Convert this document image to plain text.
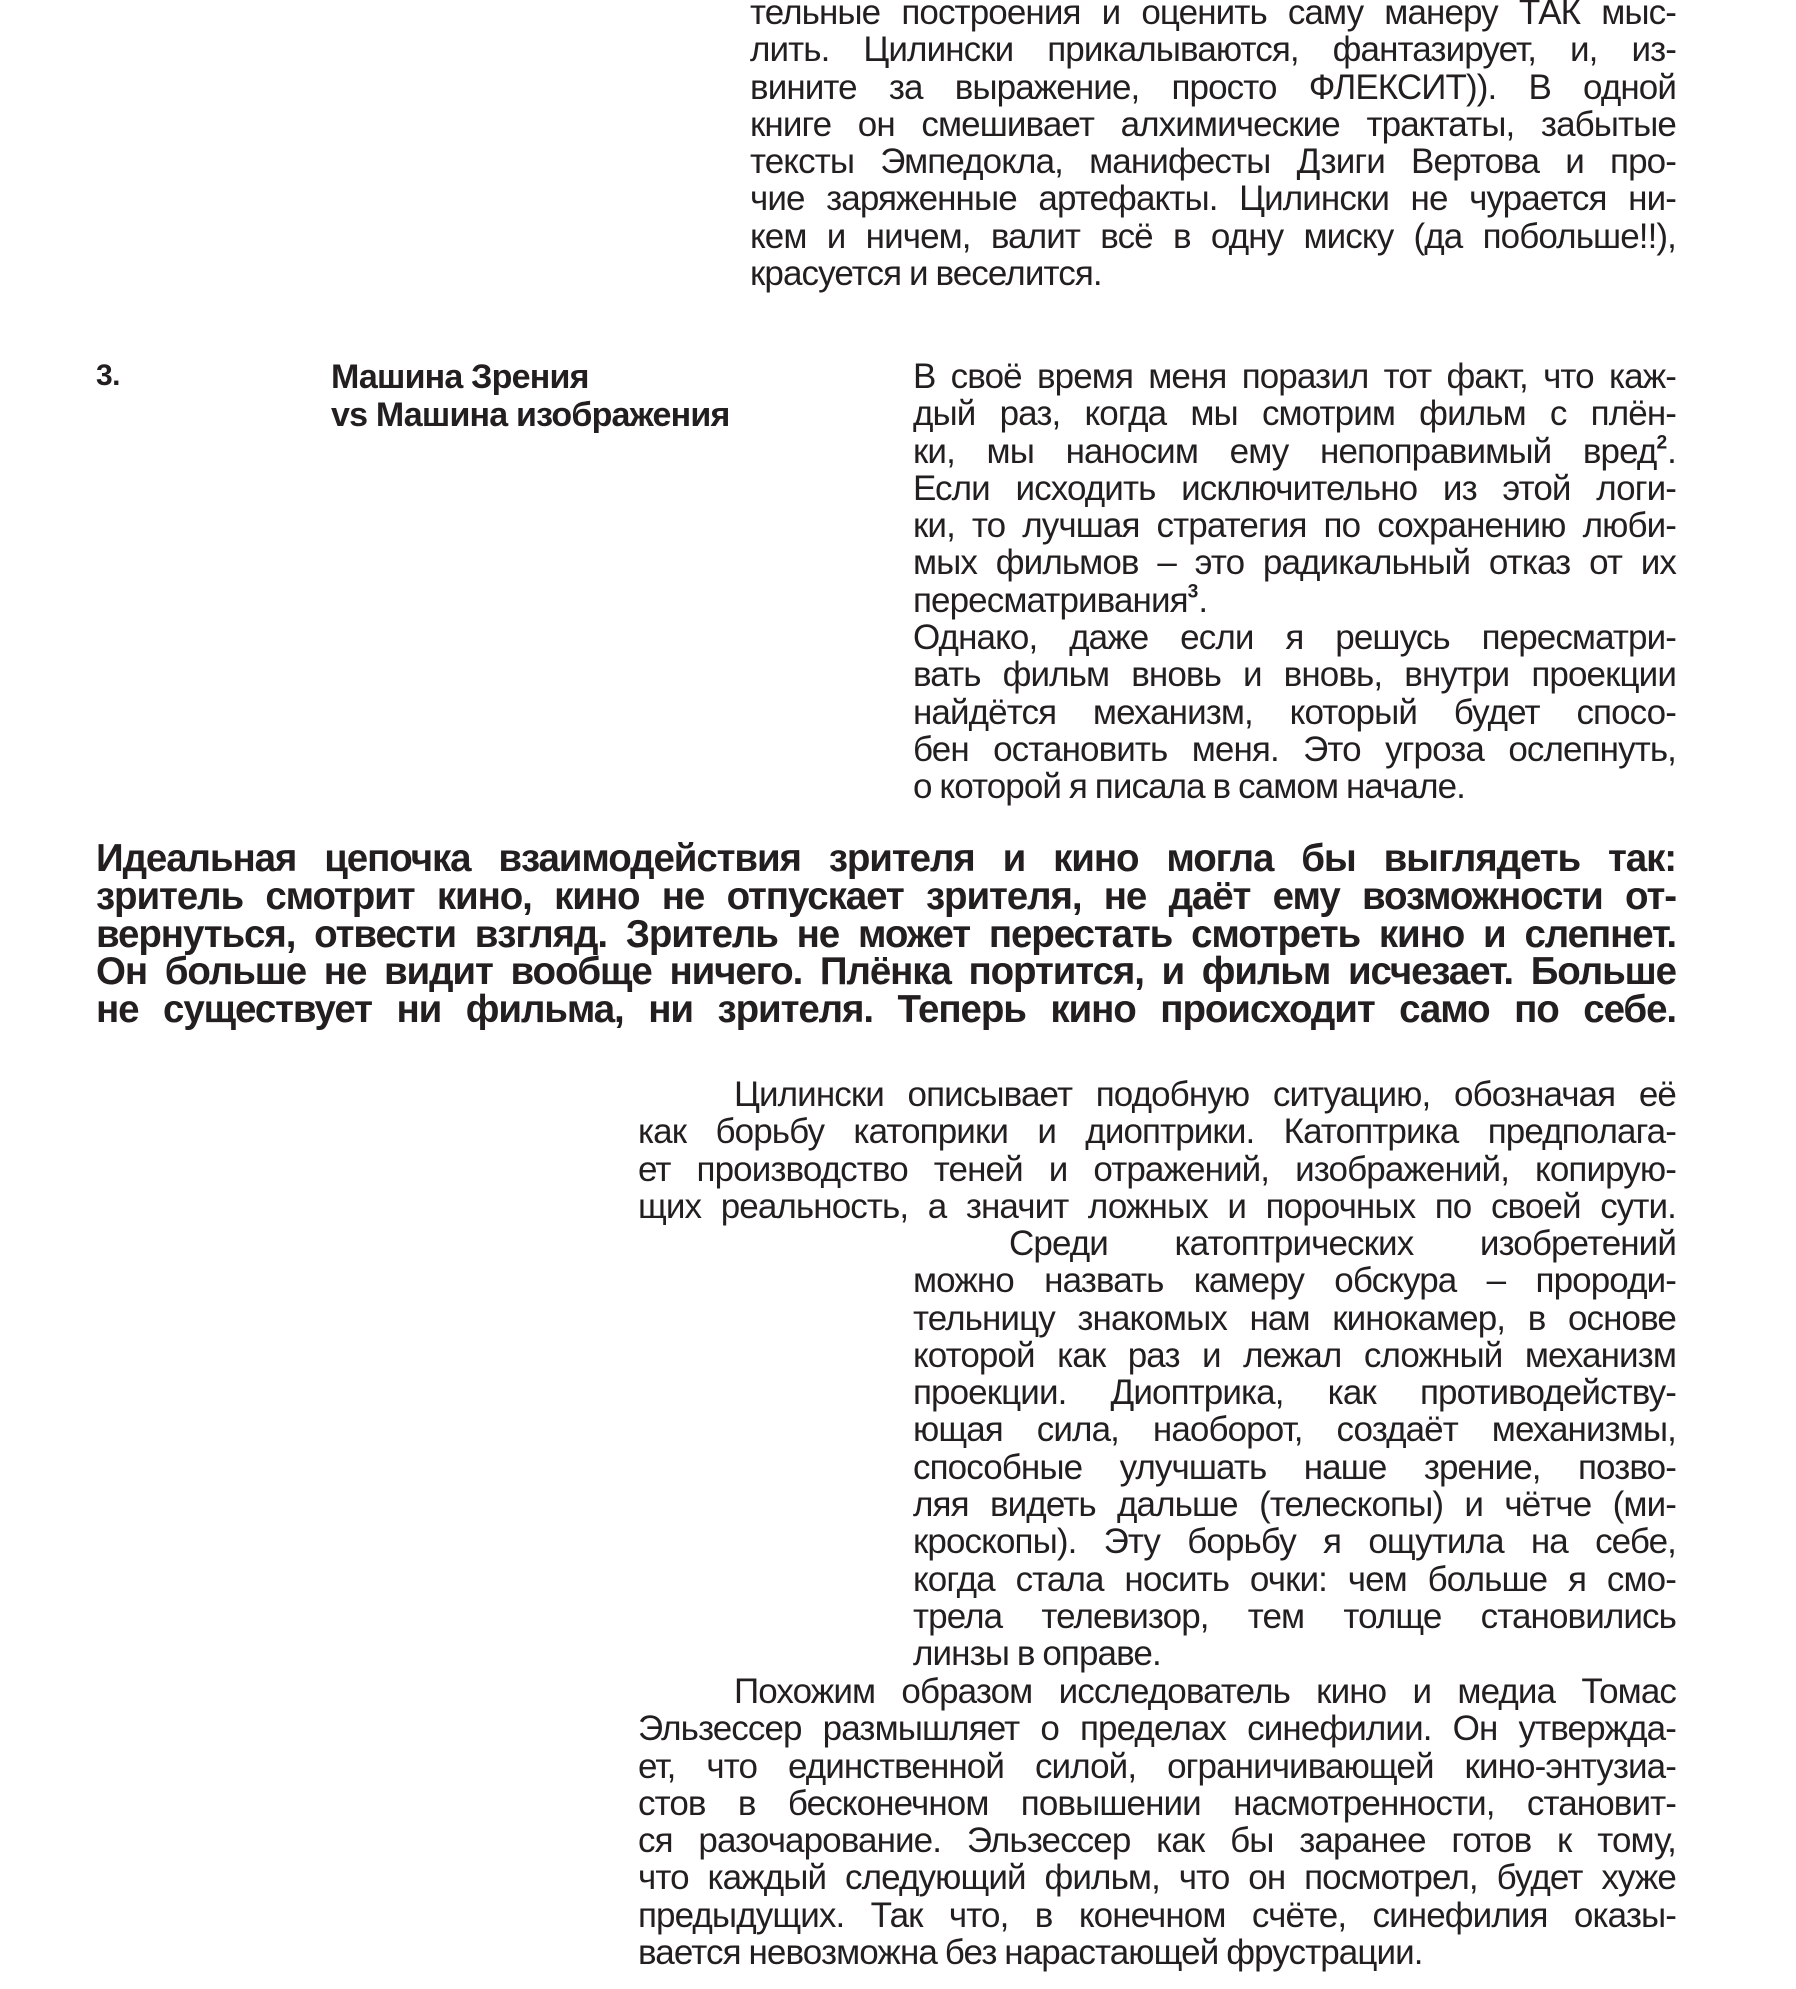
тельные построения и оценить саму манеру ТАК мыс-
лить. Цилински прикалываются, фантазирует, и, из-
вините за выражение, просто ФЛЕКСИТ)). В одной
книге он смешивает алхимические трактаты, забытые
тексты Эмпедокла, манифесты Дзиги Вертова и про-
чие заряженные артефакты. Цилински не чурается ни-
кем и ничем, валит всё в одну миску (да побольше!!),
красуется и веселится.
3.	Машина Зрения
vs Машина изображения
В своё время меня поразил тот факт, что каж-
дый раз, когда мы смотрим фильм с плён-
ки, мы наносим ему непоправимый вред$^2$.
Если исходить исключительно из этой логи-
ки, то лучшая стратегия по сохранению люби-
мых фильмов – это радикальный отказ от их
пересматривания$^3$.
Однако, даже если я решусь пересматри-
вать фильм вновь и вновь, внутри проекции
найдётся механизм, который будет спосо-
бен остановить меня. Это угроза ослепнуть,
о которой я писала в самом начале.
Идеальная цепочка взаимодействия зрителя и кино могла бы выглядеть так:
зритель смотрит кино, кино не отпускает зрителя, не даёт ему возможности от-
вернуться, отвести взгляд. Зритель не может перестать смотреть кино и слепнет.
Он больше не видит вообще ничего. Плёнка портится, и фильм исчезает. Больше
не существует ни фильма, ни зрителя. Теперь кино происходит само по себе.
Цилински описывает подобную ситуацию, обозначая её
как борьбу катоприки и диоптрики. Катоптрика предполага-
ет производство теней и отражений, изображений, копирую-
щих реальность, а значит ложных и порочных по своей сути.
Среди катоптрических изобретений
можно назвать камеру обскура – пророди-
тельницу знакомых нам кинокамер, в основе
которой как раз и лежал сложный механизм
проекции. Диоптрика, как противодейству-
ющая сила, наоборот, создаёт механизмы,
способные улучшать наше зрение, позво-
ляя видеть дальше (телескопы) и чётче (ми-
кроскопы). Эту борьбу я ощутила на себе,
когда стала носить очки: чем больше я смо-
трела телевизор, тем толще становились
линзы в оправе.
Похожим образом исследователь кино и медиа Томас
Эльзессер размышляет о пределах синефилии. Он утвержда-
ет, что единственной силой, ограничивающей кино-энтузиа-
стов в бесконечном повышении насмотренности, становит-
ся разочарование. Эльзессер как бы заранее готов к тому,
что каждый следующий фильм, что он посмотрел, будет хуже
предыдущих. Так что, в конечном счёте, синефилия оказы-
вается невозможна без нарастающей фрустрации.
